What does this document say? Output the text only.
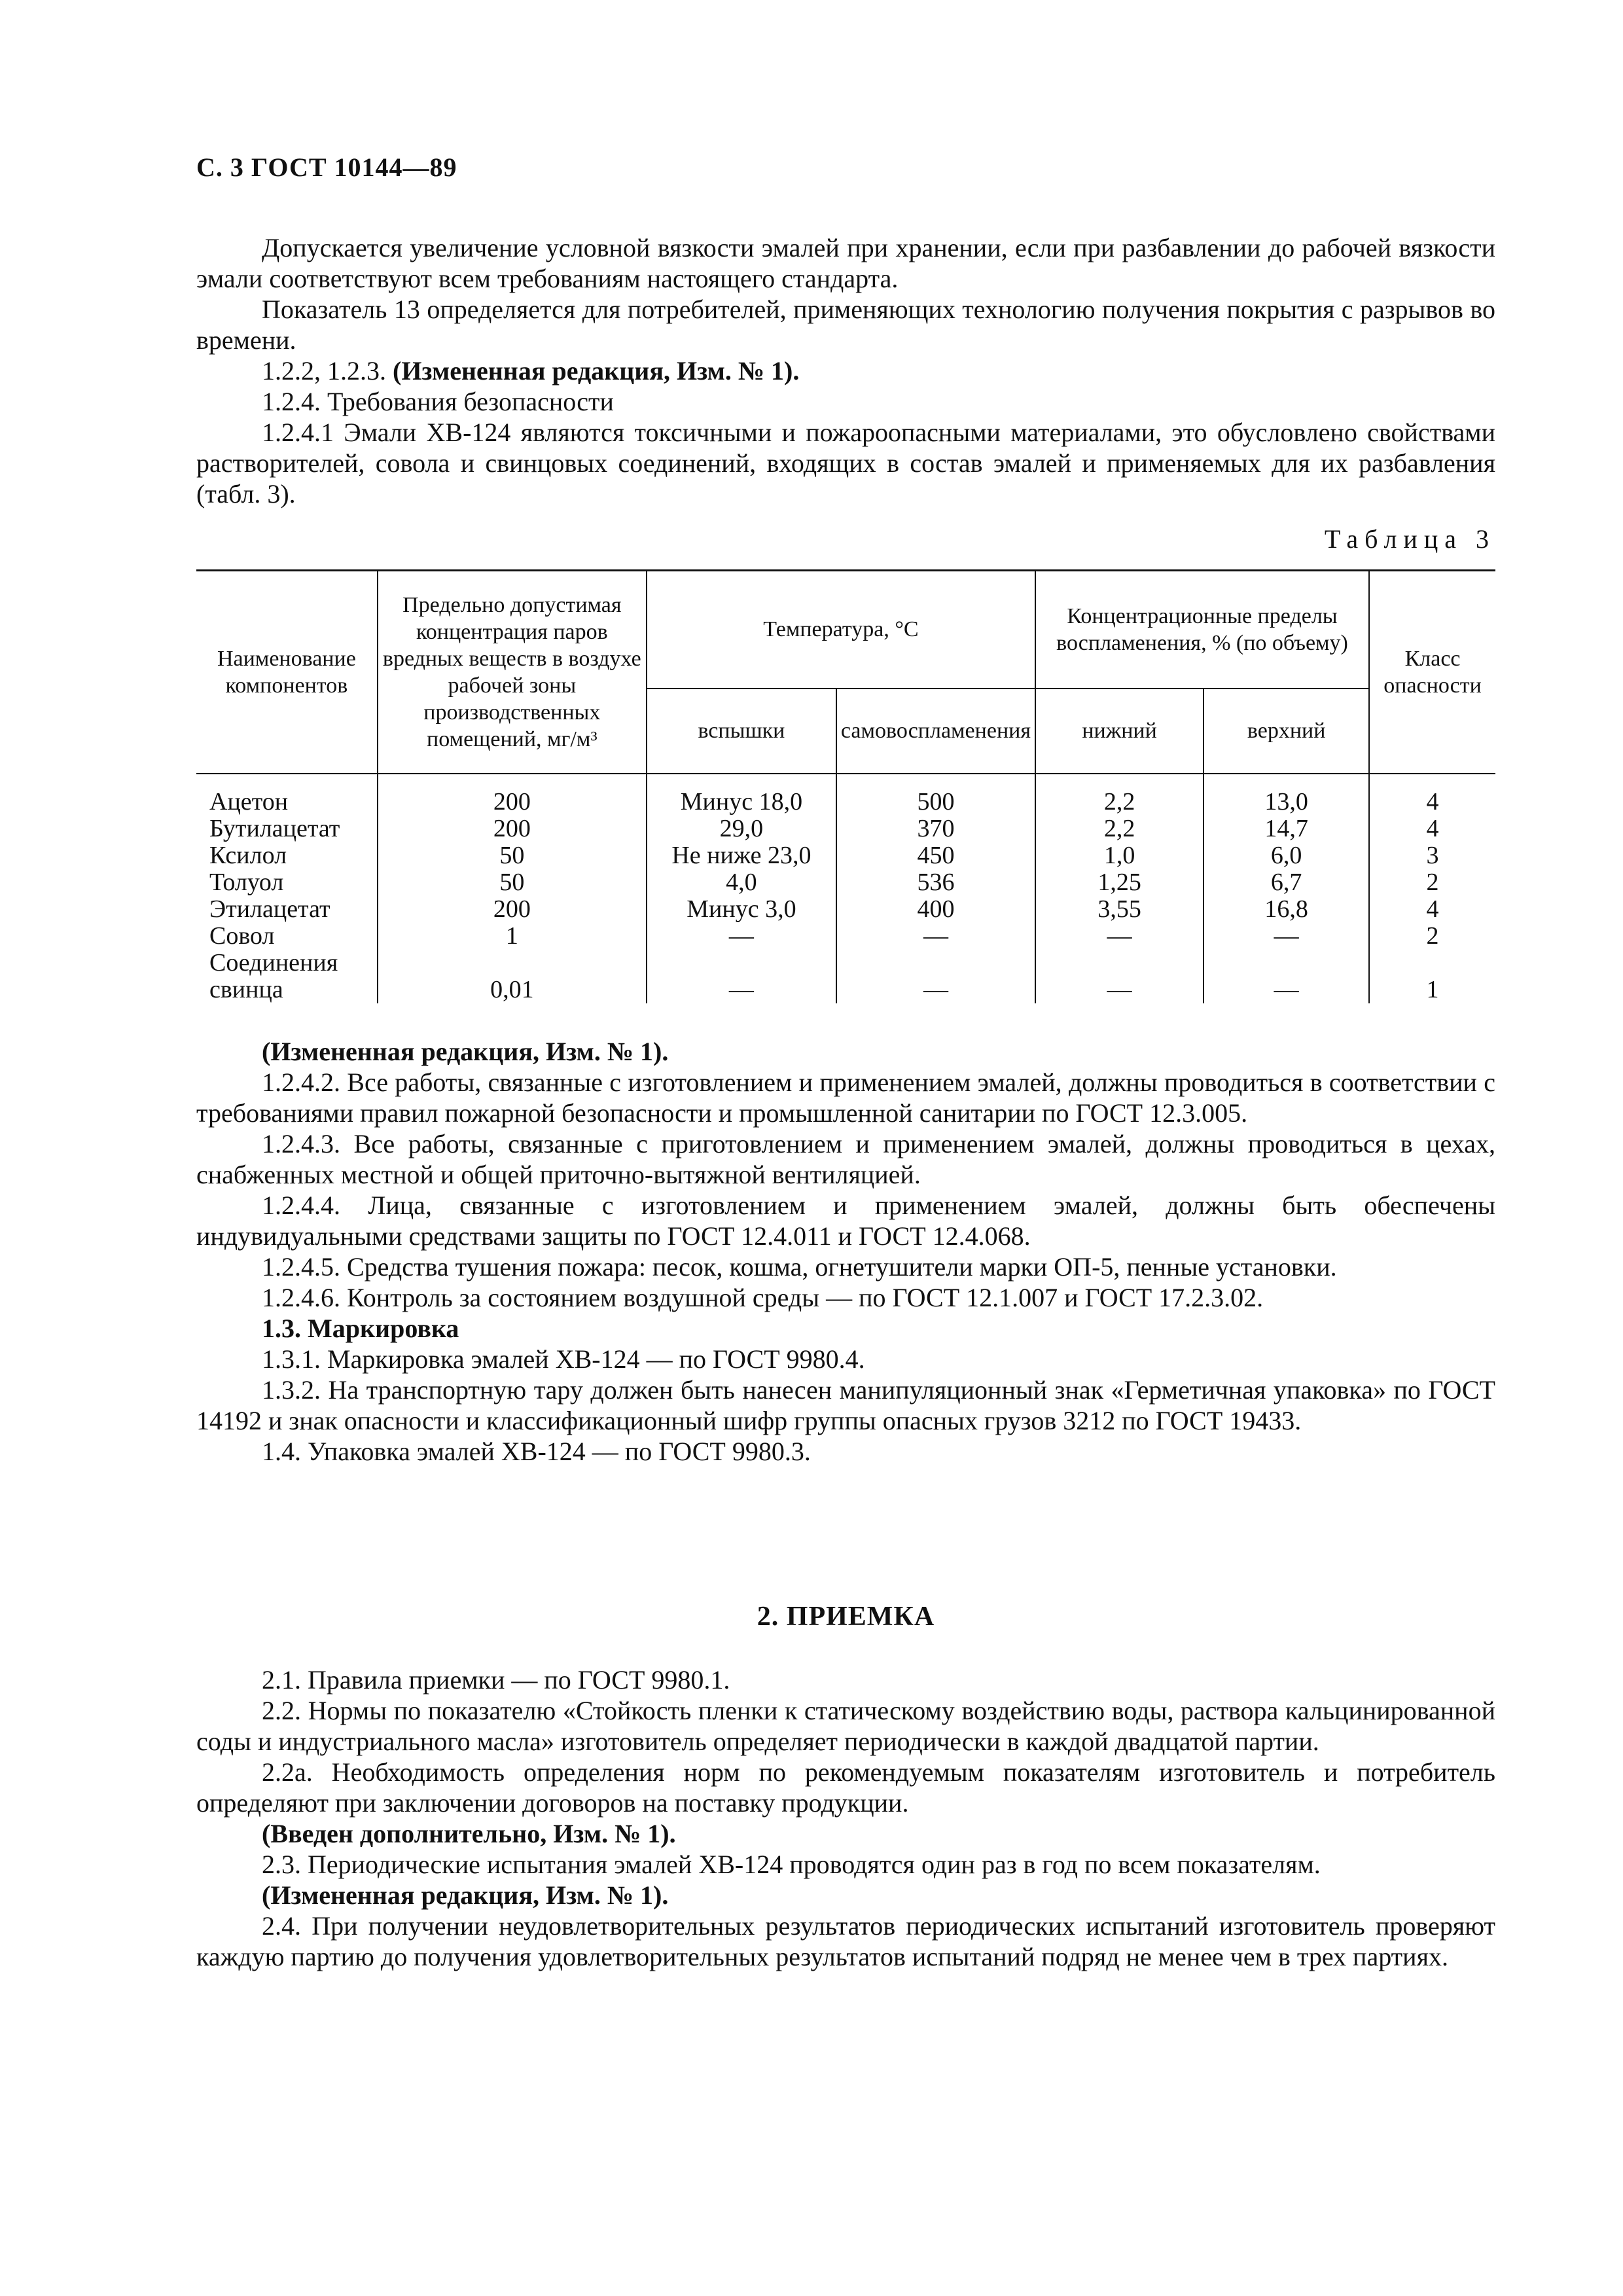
С. 3 ГОСТ 10144—89

Допускается увеличение условной вязкости эмалей при хранении, если при разбавлении до рабочей вязкости эмали соответствуют всем требованиям настоящего стандарта.

Показатель 13 определяется для потребителей, применяющих технологию получения покрытия с разрывов во времени.

1.2.2, 1.2.3. (Измененная редакция, Изм. № 1).

1.2.4. Требования безопасности

1.2.4.1 Эмали ХВ-124 являются токсичными и пожароопасными материалами, это обусловлено свойствами растворителей, совола и свинцовых соединений, входящих в состав эмалей и применяемых для их разбавления (табл. 3).

Таблица 3
Наименование компонентов	Предельно допустимая концентрация паров вредных веществ в воздухе рабочей зоны производственных помещений, мг/м³	Температура, °С		Концентрационные пределы воспламенения, % (по объему)		Класс опасности
		вспышки	самовоспламенения	нижний	верхний	
Ацетон	200	Минус 18,0	500	2,2	13,0	4
Бутилацетат	200	29,0	370	2,2	14,7	4
Ксилол	50	Не ниже 23,0	450	1,0	6,0	3
Толуол	50	4,0	536	1,25	6,7	2
Этилацетат	200	Минус 3,0	400	3,55	16,8	4
Совол	1	—	—	—	—	2
Соединения						
свинца	0,01	—	—	—	—	1

(Измененная редакция, Изм. № 1).

1.2.4.2. Все работы, связанные с изготовлением и применением эмалей, должны проводиться в соответствии с требованиями правил пожарной безопасности и промышленной санитарии по ГОСТ 12.3.005.

1.2.4.3. Все работы, связанные с приготовлением и применением эмалей, должны проводиться в цехах, снабженных местной и общей приточно-вытяжной вентиляцией.

1.2.4.4. Лица, связанные с изготовлением и применением эмалей, должны быть обеспечены индувидуальными средствами защиты по ГОСТ 12.4.011 и ГОСТ 12.4.068.

1.2.4.5. Средства тушения пожара: песок, кошма, огнетушители марки ОП-5, пенные установки.

1.2.4.6. Контроль за состоянием воздушной среды — по ГОСТ 12.1.007 и ГОСТ 17.2.3.02.

1.3. Маркировка

1.3.1. Маркировка эмалей ХВ-124 — по ГОСТ 9980.4.

1.3.2. На транспортную тару должен быть нанесен манипуляционный знак «Герметичная упаковка» по ГОСТ 14192 и знак опасности и классификационный шифр группы опасных грузов 3212 по ГОСТ 19433.

1.4. Упаковка эмалей ХВ-124 — по ГОСТ 9980.3.

2. ПРИЕМКА

2.1. Правила приемки — по ГОСТ 9980.1.

2.2. Нормы по показателю «Стойкость пленки к статическому воздействию воды, раствора кальцинированной соды и индустриального масла» изготовитель определяет периодически в каждой двадцатой партии.

2.2а. Необходимость определения норм по рекомендуемым показателям изготовитель и потребитель определяют при заключении договоров на поставку продукции.

(Введен дополнительно, Изм. № 1).

2.3. Периодические испытания эмалей ХВ-124 проводятся один раз в год по всем показателям.

(Измененная редакция, Изм. № 1).

2.4. При получении неудовлетворительных результатов периодических испытаний изготовитель проверяют каждую партию до получения удовлетворительных результатов испытаний подряд не менее чем в трех партиях.
